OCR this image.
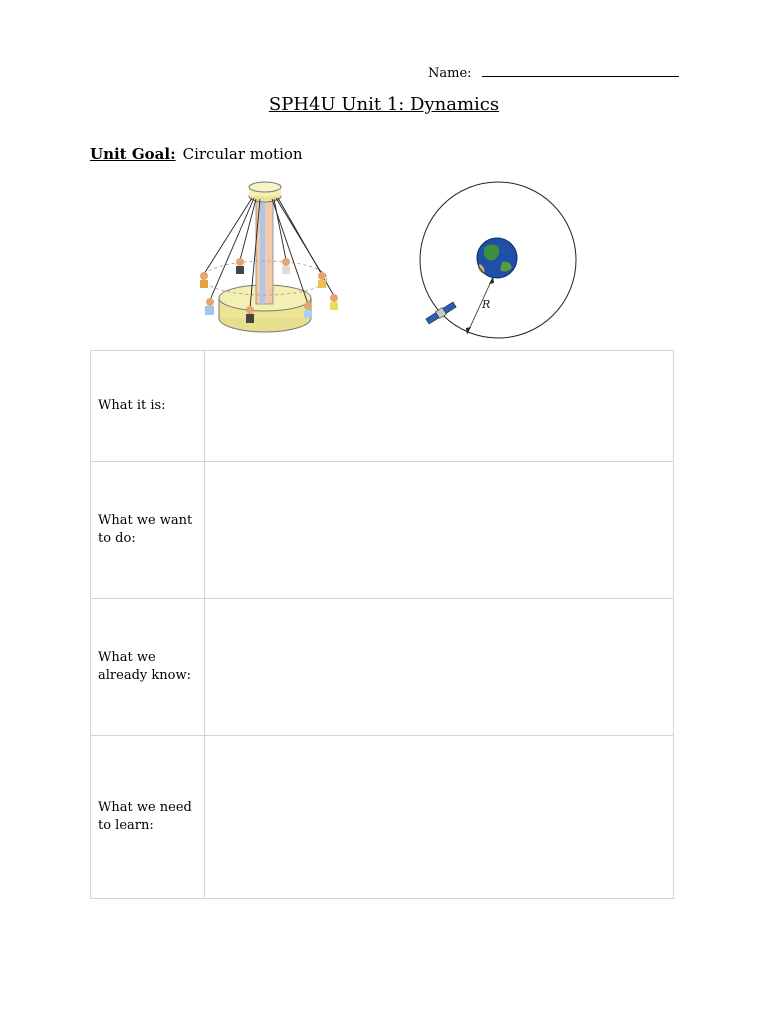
Name:
SPH4U Unit 1: Dynamics
Unit Goal: Circular motion
R
What it is:	
What we want to do:	
What we already know:	
What we need to learn:	
